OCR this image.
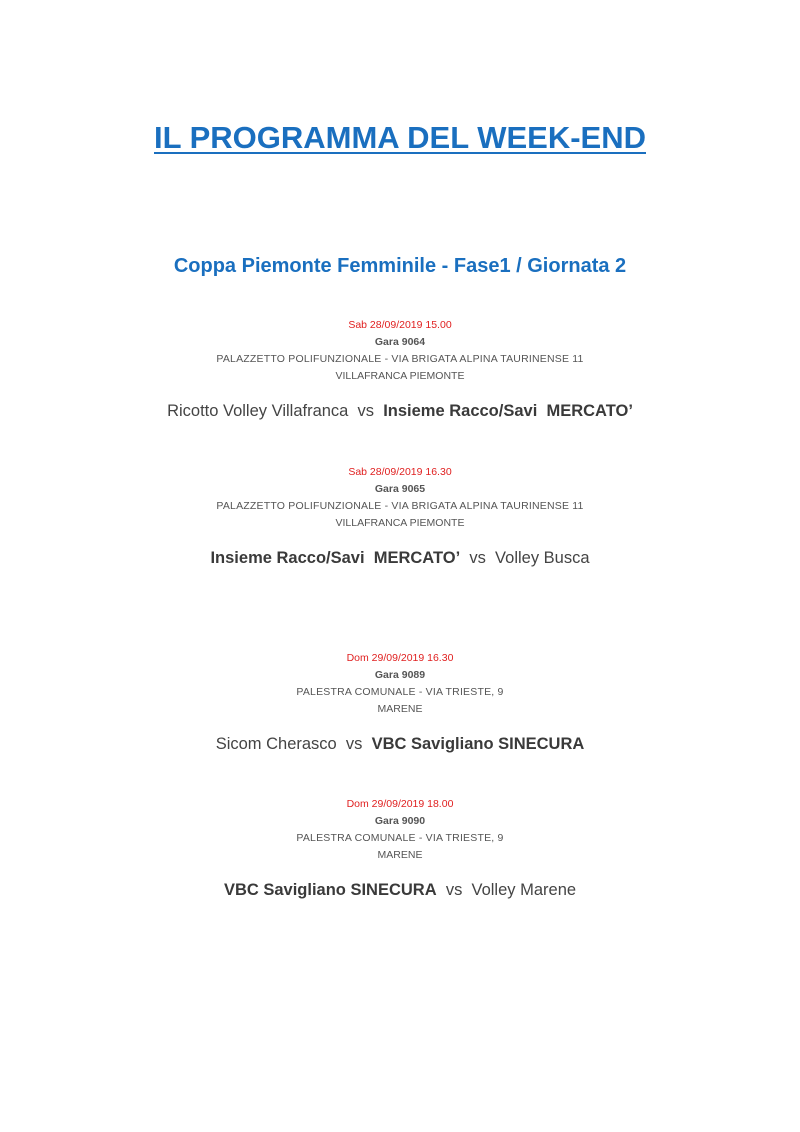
IL PROGRAMMA DEL WEEK-END
Coppa Piemonte Femminile - Fase1 / Giornata 2
Sab 28/09/2019 15.00
Gara 9064
PALAZZETTO POLIFUNZIONALE - VIA BRIGATA ALPINA TAURINENSE 11
VILLAFRANCA PIEMONTE
Ricotto Volley Villafranca vs Insieme Racco/Savi  MERCATO’
Sab 28/09/2019 16.30
Gara 9065
PALAZZETTO POLIFUNZIONALE - VIA BRIGATA ALPINA TAURINENSE 11
VILLAFRANCA PIEMONTE
Insieme Racco/Savi  MERCATO’ vs Volley Busca
Dom 29/09/2019 16.30
Gara 9089
PALESTRA COMUNALE - VIA TRIESTE, 9
MARENE
Sicom Cherasco vs VBC Savigliano SINECURA
Dom 29/09/2019 18.00
Gara 9090
PALESTRA COMUNALE - VIA TRIESTE, 9
MARENE
VBC Savigliano SINECURA vs Volley Marene
